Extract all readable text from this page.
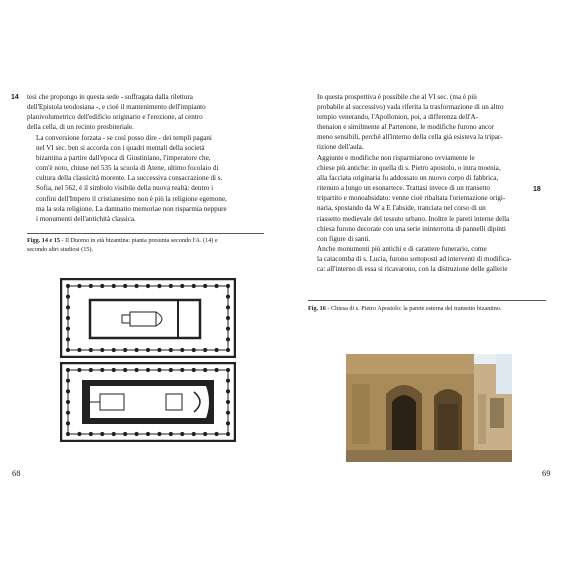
14 tesi che propongo in questa sede - suffragata dalla rilettura
dell'Epistola teodosiana -, e cioè il mantenimento dell'impianto
planivolumetrico dell'edificio originario e l'erezione, al centro
della cella, di un recinto presbiteriale.
La conversione forzata - se così posso dire - dei templi pagani
nel VI sec. ben si accorda con i quadri mentali della società
bizantina a partire dall'epoca di Giustiniano, l'imperatore che,
com'è noto, chiuse nel 535 la scuola di Atene, ultimo focolaio di
cultura della classicità morente. La successiva consacrazione di s.
Sofia, nel 562, è il simbolo visibile della nuova realtà: dentro i
confini dell'Impero il cristianesimo non è più la religione egemone,
ma la sola religione. La damnatio memoriae non risparmia neppure
i monumenti dell'antichità classica.
Figg. 14 e 15 - Il Duomo in età bizantina: pianta presunta secondo l'A. (14) e
secondo altri studiosi (15).
68
In questa prospettiva è possibile che al VI sec. (ma è più
probabile al successivo) vada riferita la trasformazione di un altro
tempio venerando, l'Apollonion, poi, a differenza dell'A-
thenaion e similmente al Partenone, le modifiche furono ancor
meno sensibili, perché all'interno della cella già esisteva la tripar-
tizione dell'aula.
Aggiunte e modifiche non risparmiarono ovviamente le
chiese più antiche: in quella di s. Pietro apostolo, o intra moenia,
alla facciata originaria fu addossato un nuovo corpo di fabbrica,
ritenuto a lungo un esonartece. Trattasi invece di un transetto
tripartito e monoabsidato: venne cioè ribaltata l'orientazione origi-
naria, spostando da W a E l'abside, tranciata nel corso di un
riassetto medievale del tessuto urbano. Inoltre le pareti interne della
chiesa furono decorate con una serie ininterrotta di pannelli dipinti
con figure di santi.
18
Anche monumenti più antichi e di carattere funerario, come
la catacomba di s. Lucia, furono sottoposti ad interventi di modifica-
ca: all'interno di essa si ricavarono, con la distruzione delle gallerie
Fig. 16 - Chiesa di s. Pietro Apostolo: la parete esterna del transetto bizantino.
69
